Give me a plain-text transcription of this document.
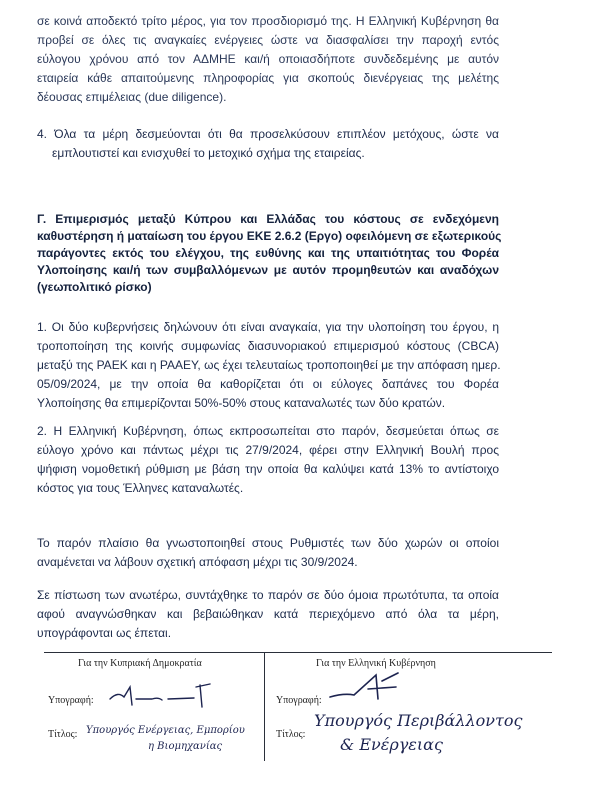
σε κοινά αποδεκτό τρίτο μέρος, για τον προσδιορισμό της. Η Ελληνική Κυβέρνηση θα

προβεί σε όλες τις αναγκαίες ενέργειες ώστε να διασφαλίσει την παροχή εντός

εύλογου χρόνου από τον ΑΔΜΗΕ και/ή οποιασδήποτε συνδεδεμένης με αυτόν

εταιρεία κάθε απαιτούμενης πληροφορίας για σκοπούς διενέργειας της μελέτης

δέουσας επιμέλειας (due diligence).

4. Όλα τα μέρη δεσμεύονται ότι θα προσελκύσουν επιπλέον μετόχους, ώστε να

εμπλουτιστεί και ενισχυθεί το μετοχικό σχήμα της εταιρείας.

Γ. Επιμερισμός μεταξύ Κύπρου και Ελλάδας του κόστους σε ενδεχόμενη

καθυστέρηση ή ματαίωση του έργου ΕΚΕ 2.6.2 (Εργο) οφειλόμενη σε εξωτερικούς

παράγοντες εκτός του ελέγχου, της ευθύνης και της υπαιτιότητας του Φορέα

Υλοποίησης και/ή των συμβαλλόμενων με αυτόν προμηθευτών και αναδόχων

(γεωπολιτικό ρίσκο)

1. Οι δύο κυβερνήσεις δηλώνουν ότι είναι αναγκαία, για την υλοποίηση του έργου, η

τροποποίηση της κοινής συμφωνίας διασυνοριακού επιμερισμού κόστους (CBCA)

μεταξύ της ΡΑΕΚ και η ΡΑΑΕΥ, ως έχει τελευταίως τροποποιηθεί με την απόφαση ημερ.

05/09/2024, με την οποία θα καθορίζεται ότι οι εύλογες δαπάνες του Φορέα

Υλοποίησης θα επιμερίζονται 50%-50% στους καταναλωτές των δύο κρατών.

2. Η Ελληνική Κυβέρνηση, όπως εκπροσωπείται στο παρόν, δεσμεύεται όπως σε

εύλογο χρόνο και πάντως μέχρι τις 27/9/2024, φέρει στην Ελληνική Βουλή προς

ψήφιση νομοθετική ρύθμιση με βάση την οποία θα καλύψει κατά 13% το αντίστοιχο

κόστος για τους Έλληνες καταναλωτές.

Το παρόν πλαίσιο θα γνωστοποιηθεί στους Ρυθμιστές των δύο χωρών οι οποίοι

αναμένεται να λάβουν σχετική απόφαση μέχρι τις 30/9/2024.

Σε πίστωση των ανωτέρω, συντάχθηκε το παρόν σε δύο όμοια πρωτότυπα, τα οποία

αφού αναγνώσθηκαν και βεβαιώθηκαν κατά περιεχόμενο από όλα τα μέρη,

υπογράφονται ως έπεται.

Για την Κυπριακή Δημοκρατία
Υπογραφή:
Τίτλος: Υπουργός Ενέργειας, Εμπορίου
η Βιομηχανίας
Για την Ελληνική Κυβέρνηση
Υπογραφή:
Τίτλος:
Υπουργός Περιβάλλοντος
& Ενέργειας
